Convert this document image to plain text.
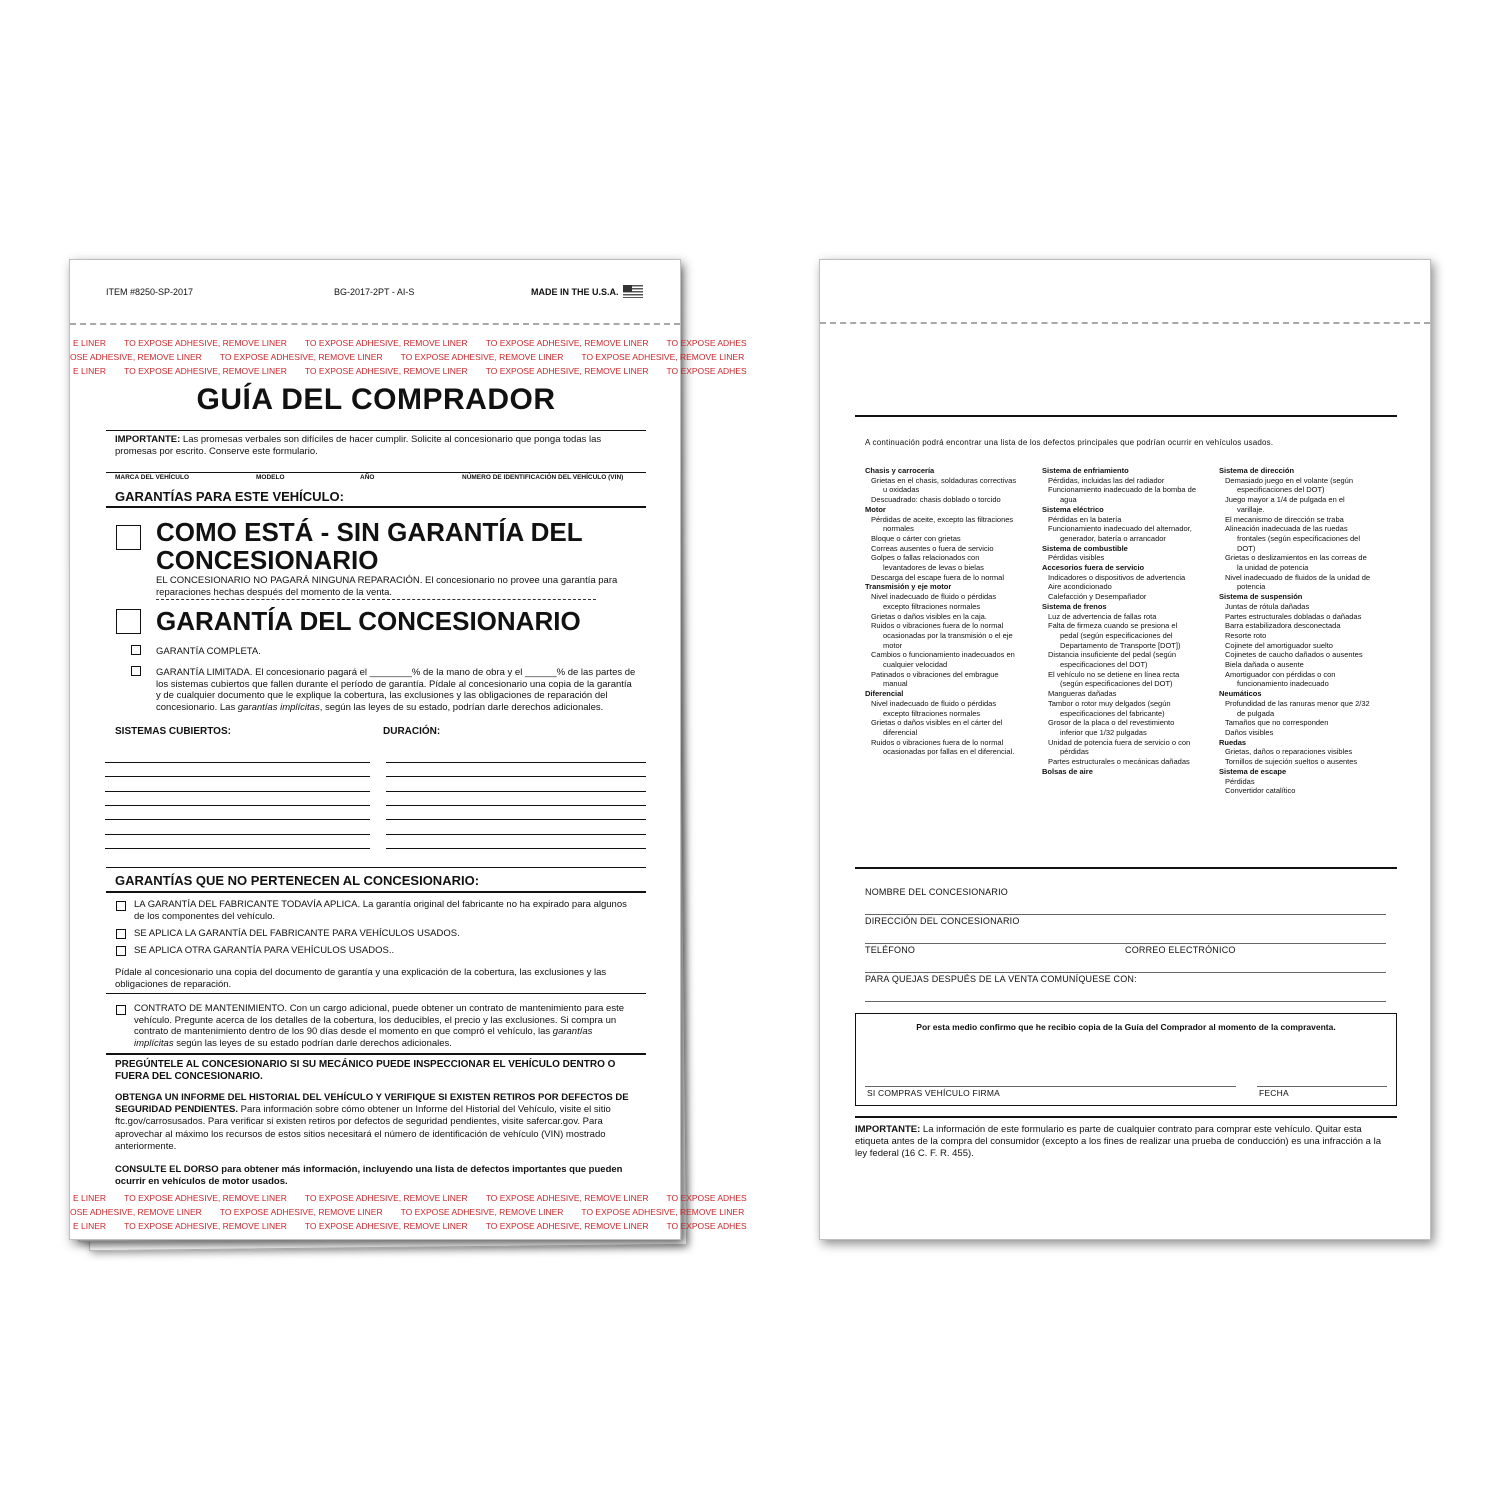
ITEM #8250-SP-2017	BG-2017-2PT - AI-S	MADE IN THE U.S.A.
E LINER TO EXPOSE ADHESIVE, REMOVE LINER TO EXPOSE ADHESIVE, REMOVE LINER TO EXPOSE ADHESIVE, REMOVE LINER TO EXPOSE ADHES
OSE ADHESIVE, REMOVE LINER TO EXPOSE ADHESIVE, REMOVE LINER TO EXPOSE ADHESIVE, REMOVE LINER TO EXPOSE ADHESIVE, REMOVE LINER
E LINER TO EXPOSE ADHESIVE, REMOVE LINER TO EXPOSE ADHESIVE, REMOVE LINER TO EXPOSE ADHESIVE, REMOVE LINER TO EXPOSE ADHES
GUÍA DEL COMPRADOR
IMPORTANTE: Las promesas verbales son difíciles de hacer cumplir. Solicite al concesionario que ponga todas las promesas por escrito. Conserve este formulario.
MARCA DEL VEHÍCULO	MODELO	AÑO	NÚMERO DE IDENTIFICACIÓN DEL VEHÍCULO (VIN)
GARANTÍAS PARA ESTE VEHÍCULO:
COMO ESTÁ - SIN GARANTÍA DEL
CONCESIONARIO
EL CONCESIONARIO NO PAGARÁ NINGUNA REPARACIÓN. El concesionario no provee una garantía para reparaciones hechas después del momento de la venta.
GARANTÍA DEL CONCESIONARIO
GARANTÍA COMPLETA.
GARANTÍA LIMITADA. El concesionario pagará el ________% de la mano de obra y el ______% de las partes de los sistemas cubiertos que fallen durante el período de garantía. Pídale al concesionario una copia de la garantía y de cualquier documento que le explique la cobertura, las exclusiones y las obligaciones de reparación del concesionario. Las garantías implícitas, según las leyes de su estado, podrían darle derechos adicionales.
SISTEMAS CUBIERTOS:	DURACIÓN:
GARANTÍAS QUE NO PERTENECEN AL CONCESIONARIO:
LA GARANTÍA DEL FABRICANTE TODAVÍA APLICA. La garantía original del fabricante no ha expirado para algunos de los componentes del vehículo.
SE APLICA LA GARANTÍA DEL FABRICANTE PARA VEHÍCULOS USADOS.
SE APLICA OTRA GARANTÍA PARA VEHÍCULOS USADOS..
Pídale al concesionario una copia del documento de garantía y una explicación de la cobertura, las exclusiones y las obligaciones de reparación.
CONTRATO DE MANTENIMIENTO. Con un cargo adicional, puede obtener un contrato de mantenimiento para este vehículo. Pregunte acerca de los detalles de la cobertura, los deducibles, el precio y las exclusiones. Si compra un contrato de mantenimiento dentro de los 90 días desde el momento en que compró el vehículo, las garantías implícitas según las leyes de su estado podrían darle derechos adicionales.
PREGÚNTELE AL CONCESIONARIO SI SU MECÁNICO PUEDE INSPECCIONAR EL VEHÍCULO DENTRO O FUERA DEL CONCESIONARIO.
OBTENGA UN INFORME DEL HISTORIAL DEL VEHÍCULO Y VERIFIQUE SI EXISTEN RETIROS POR DEFECTOS DE SEGURIDAD PENDIENTES. Para información sobre cómo obtener un Informe del Historial del Vehículo, visite el sitio ftc.gov/carrosusados. Para verificar si existen retiros por defectos de seguridad pendientes, visite safercar.gov. Para aprovechar al máximo los recursos de estos sitios necesitará el número de identificación de vehículo (VIN) mostrado anteriormente.
CONSULTE EL DORSO para obtener más información, incluyendo una lista de defectos importantes que pueden ocurrir en vehículos de motor usados.
E LINER TO EXPOSE ADHESIVE, REMOVE LINER TO EXPOSE ADHESIVE, REMOVE LINER TO EXPOSE ADHESIVE, REMOVE LINER TO EXPOSE ADHES
OSE ADHESIVE, REMOVE LINER TO EXPOSE ADHESIVE, REMOVE LINER TO EXPOSE ADHESIVE, REMOVE LINER TO EXPOSE ADHESIVE, REMOVE LINER
E LINER TO EXPOSE ADHESIVE, REMOVE LINER TO EXPOSE ADHESIVE, REMOVE LINER TO EXPOSE ADHESIVE, REMOVE LINER TO EXPOSE ADHES
A continuación podrá encontrar una lista de los defectos principales que podrían ocurrir en vehículos usados.
Chasis y carrocería
Grietas en el chasis, soldaduras correctivas
u oxidadas
Descuadrado: chasis doblado o torcido
Motor
Pérdidas de aceite, excepto las filtraciones
normales
Bloque o cárter con grietas
Correas ausentes o fuera de servicio
Golpes o fallas relacionados con
levantadores de levas o bielas
Descarga del escape fuera de lo normal
Transmisión y eje motor
Nivel inadecuado de fluido o pérdidas
excepto filtraciones normales
Grietas o daños visibles en la caja.
Ruidos o vibraciones fuera de lo normal
ocasionadas por la transmisión o el eje
motor
Cambios o funcionamiento inadecuados en
cualquier velocidad
Patinados o vibraciones del embrague
manual
Diferencial
Nivel inadecuado de fluido o pérdidas
excepto filtraciones normales
Grietas o daños visibles en el cárter del
diferencial
Ruidos o vibraciones fuera de lo normal
ocasionadas por fallas en el diferencial.
Sistema de enfriamiento
Pérdidas, incluidas las del radiador
Funcionamiento inadecuado de la bomba de
agua
Sistema eléctrico
Pérdidas en la batería
Funcionamiento inadecuado del alternador,
generador, batería o arrancador
Sistema de combustible
Pérdidas visibles
Accesorios fuera de servicio
Indicadores o dispositivos de advertencia
Aire acondicionado
Calefacción y Desempañador
Sistema de frenos
Luz de advertencia de fallas rota
Falta de firmeza cuando se presiona el
pedal (según especificaciones del
Departamento de Transporte [DOT])
Distancia insuficiente del pedal (según
especificaciones del DOT)
El vehículo no se detiene en línea recta
(según especificaciones del DOT)
Mangueras dañadas
Tambor o rotor muy delgados (según
especificaciones del fabricante)
Grosor de la placa o del revestimiento
inferior que 1/32 pulgadas
Unidad de potencia fuera de servicio o con
pérdidas
Partes estructurales o mecánicas dañadas
Bolsas de aire
Sistema de dirección
Demasiado juego en el volante (según
especificaciones del DOT)
Juego mayor a 1/4 de pulgada en el
varillaje.
El mecanismo de dirección se traba
Alineación inadecuada de las ruedas
frontales (según especificaciones del
DOT)
Grietas o deslizamientos en las correas de
la unidad de potencia
Nivel inadecuado de fluidos de la unidad de
potencia
Sistema de suspensión
Juntas de rótula dañadas
Partes estructurales dobladas o dañadas
Barra estabilizadora desconectada
Resorte roto
Cojinete del amortiguador suelto
Cojinetes de caucho dañados o ausentes
Biela dañada o ausente
Amortiguador con pérdidas o con
funcionamiento inadecuado
Neumáticos
Profundidad de las ranuras menor que 2/32
de pulgada
Tamaños que no corresponden
Daños visibles
Ruedas
Grietas, daños o reparaciones visibles
Tornillos de sujeción sueltos o ausentes
Sistema de escape
Pérdidas
Convertidor catalítico
NOMBRE DEL CONCESIONARIO
DIRECCIÓN DEL CONCESIONARIO
TELÉFONO	CORREO ELECTRÓNICO
PARA QUEJAS DESPUÉS DE LA VENTA COMUNÍQUESE CON:
Por esta medio confirmo que he recibio copia de la Guía del Comprador al momento de la compraventa.
SI COMPRAS VEHÍCULO FIRMA	FECHA
IMPORTANTE: La información de este formulario es parte de cualquier contrato para comprar este vehículo. Quitar esta etiqueta antes de la compra del consumidor (excepto a los fines de realizar una prueba de conducción) es una infracción a la ley federal (16 C. F. R. 455).
